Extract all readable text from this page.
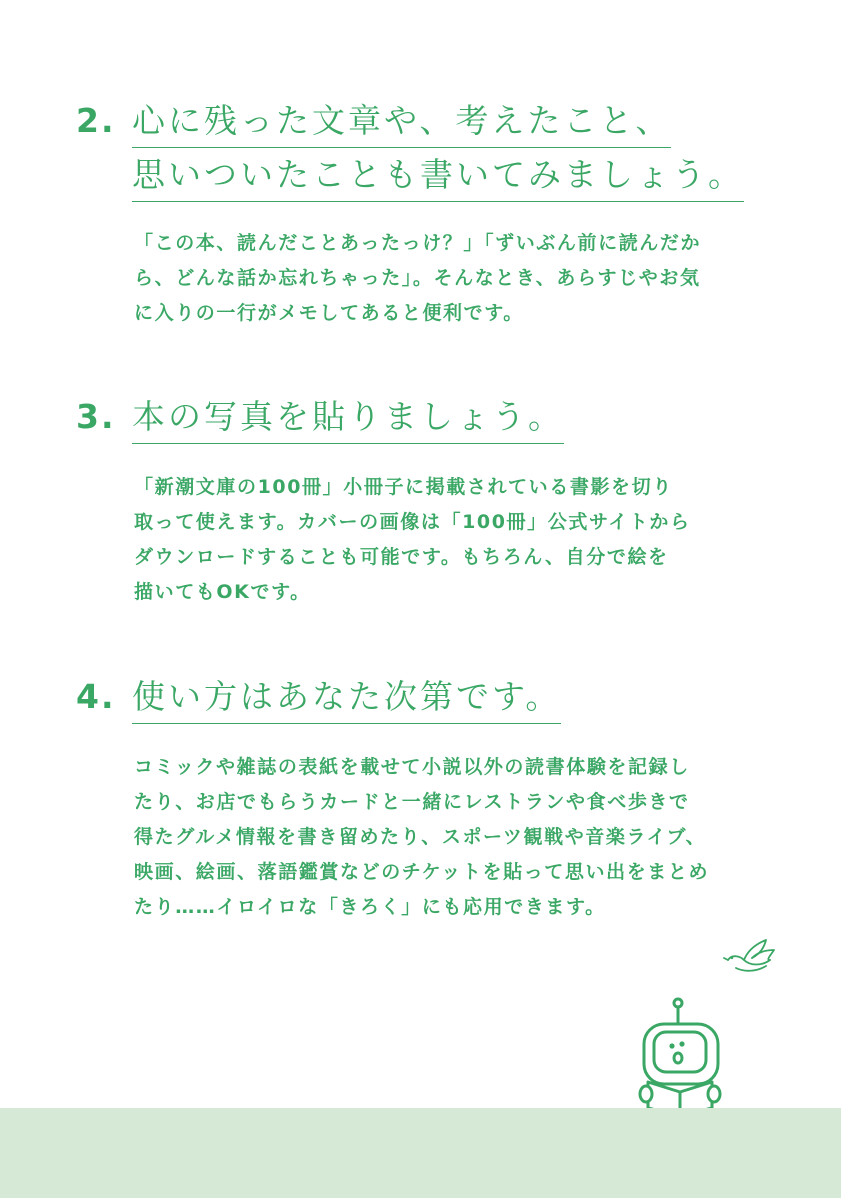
2. 心に残った文章や、考えたこと、
思いついたことも書いてみましょう。

「この本、読んだことあったっけ？」「ずいぶん前に読んだか

ら、どんな話か忘れちゃった」。そんなとき、あらすじやお気

に入りの一行がメモしてあると便利です。

3. 本の写真を貼りましょう。

「新潮文庫の100冊」小冊子に掲載されている書影を切り

取って使えます。カバーの画像は「100冊」公式サイトから

ダウンロードすることも可能です。もちろん、自分で絵を

描いてもOKです。

4. 使い方はあなた次第です。

コミックや雑誌の表紙を載せて小説以外の読書体験を記録し

たり、お店でもらうカードと一緒にレストランや食べ歩きで

得たグルメ情報を書き留めたり、スポーツ観戦や音楽ライブ、

映画、絵画、落語鑑賞などのチケットを貼って思い出をまとめ

たり……イロイロな「きろく」にも応用できます。
